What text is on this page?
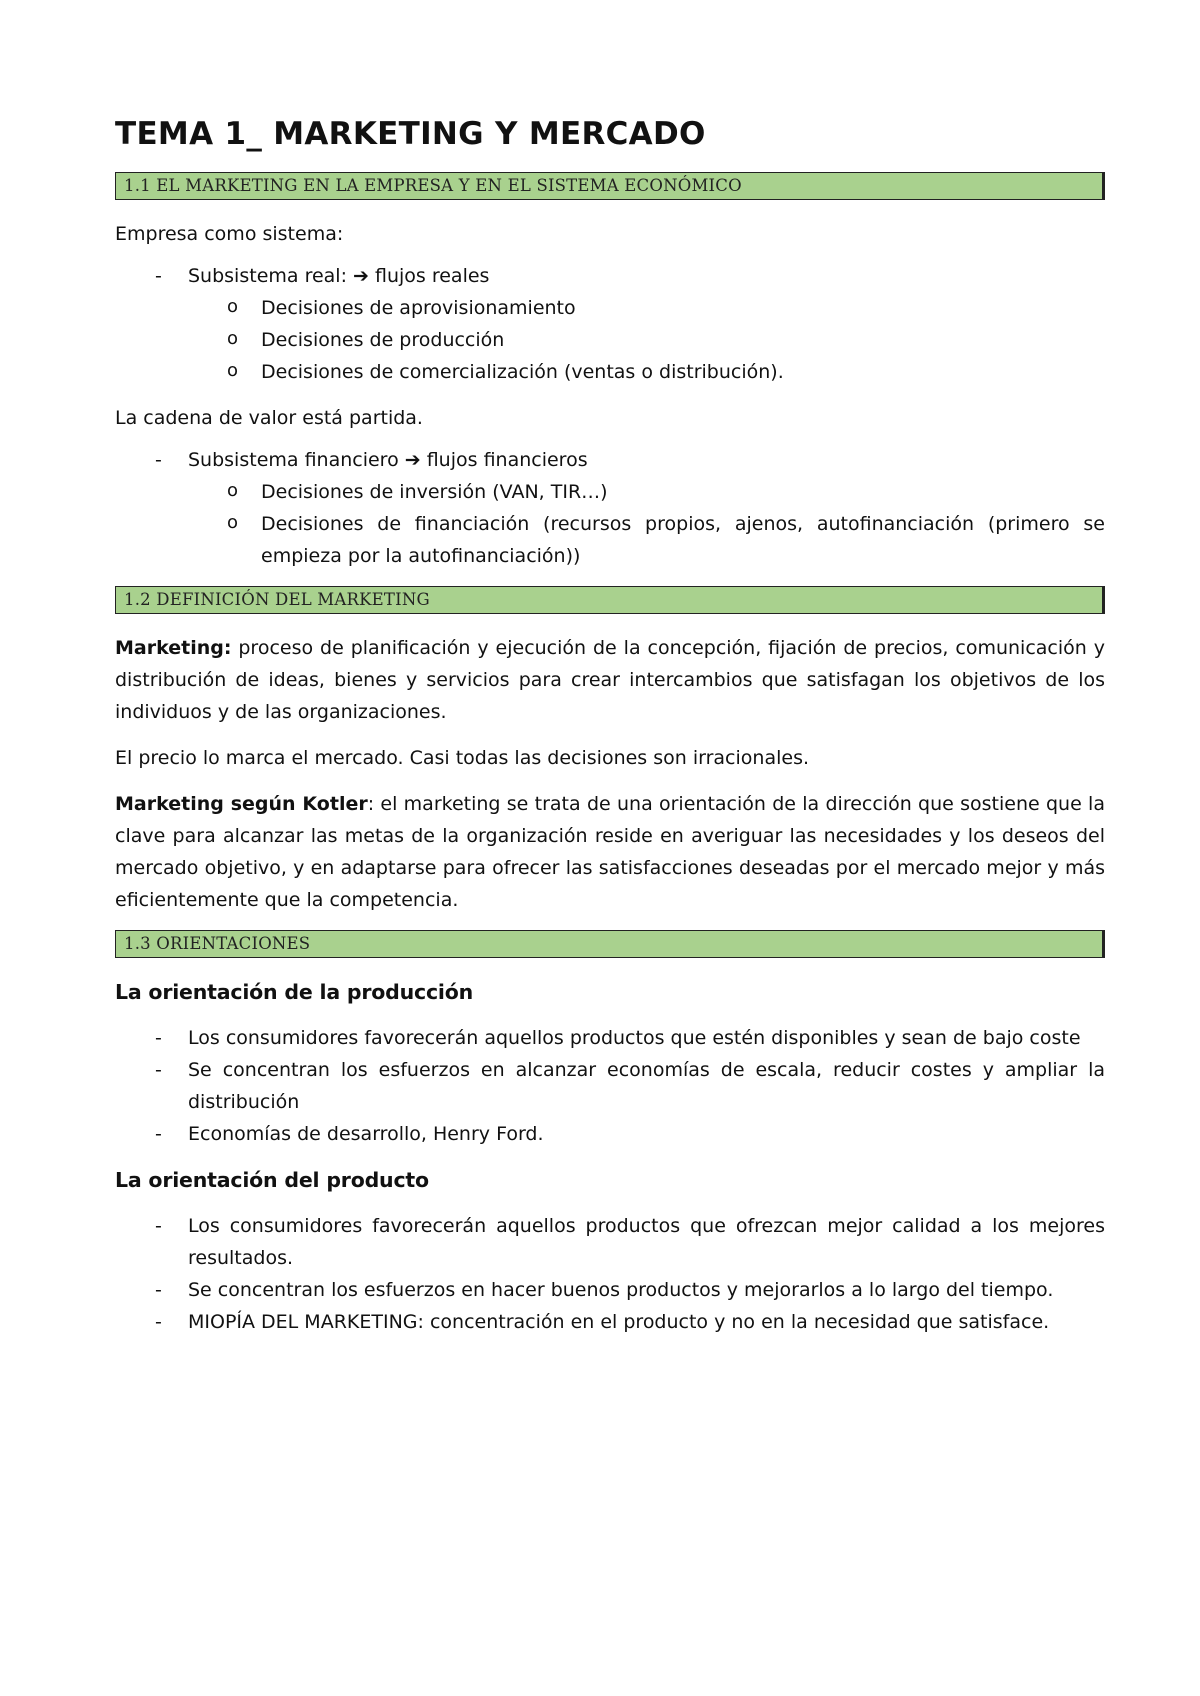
TEMA 1_ MARKETING Y MERCADO
1.1 EL MARKETING EN LA EMPRESA Y EN EL SISTEMA ECONÓMICO

Empresa como sistema:

- Subsistema real: ➔ flujos reales
o Decisiones de aprovisionamiento
o Decisiones de producción
o Decisiones de comercialización (ventas o distribución).

La cadena de valor está partida.

- Subsistema financiero ➔ flujos financieros
o Decisiones de inversión (VAN, TIR…)
o Decisiones de financiación (recursos propios, ajenos, autofinanciación (primero se empieza por la autofinanciación))
1.2 DEFINICIÓN DEL MARKETING

Marketing: proceso de planificación y ejecución de la concepción, fijación de precios, comunicación y distribución de ideas, bienes y servicios para crear intercambios que satisfagan los objetivos de los individuos y de las organizaciones.

El precio lo marca el mercado. Casi todas las decisiones son irracionales.

Marketing según Kotler: el marketing se trata de una orientación de la dirección que sostiene que la clave para alcanzar las metas de la organización reside en averiguar las necesidades y los deseos del mercado objetivo, y en adaptarse para ofrecer las satisfacciones deseadas por el mercado mejor y más eficientemente que la competencia.

1.3 ORIENTACIONES
La orientación de la producción
- Los consumidores favorecerán aquellos productos que estén disponibles y sean de bajo coste
- Se concentran los esfuerzos en alcanzar economías de escala, reducir costes y ampliar la distribución
- Economías de desarrollo, Henry Ford.
La orientación del producto
- Los consumidores favorecerán aquellos productos que ofrezcan mejor calidad a los mejores resultados.
- Se concentran los esfuerzos en hacer buenos productos y mejorarlos a lo largo del tiempo.
- MIOPÍA DEL MARKETING: concentración en el producto y no en la necesidad que satisface.
